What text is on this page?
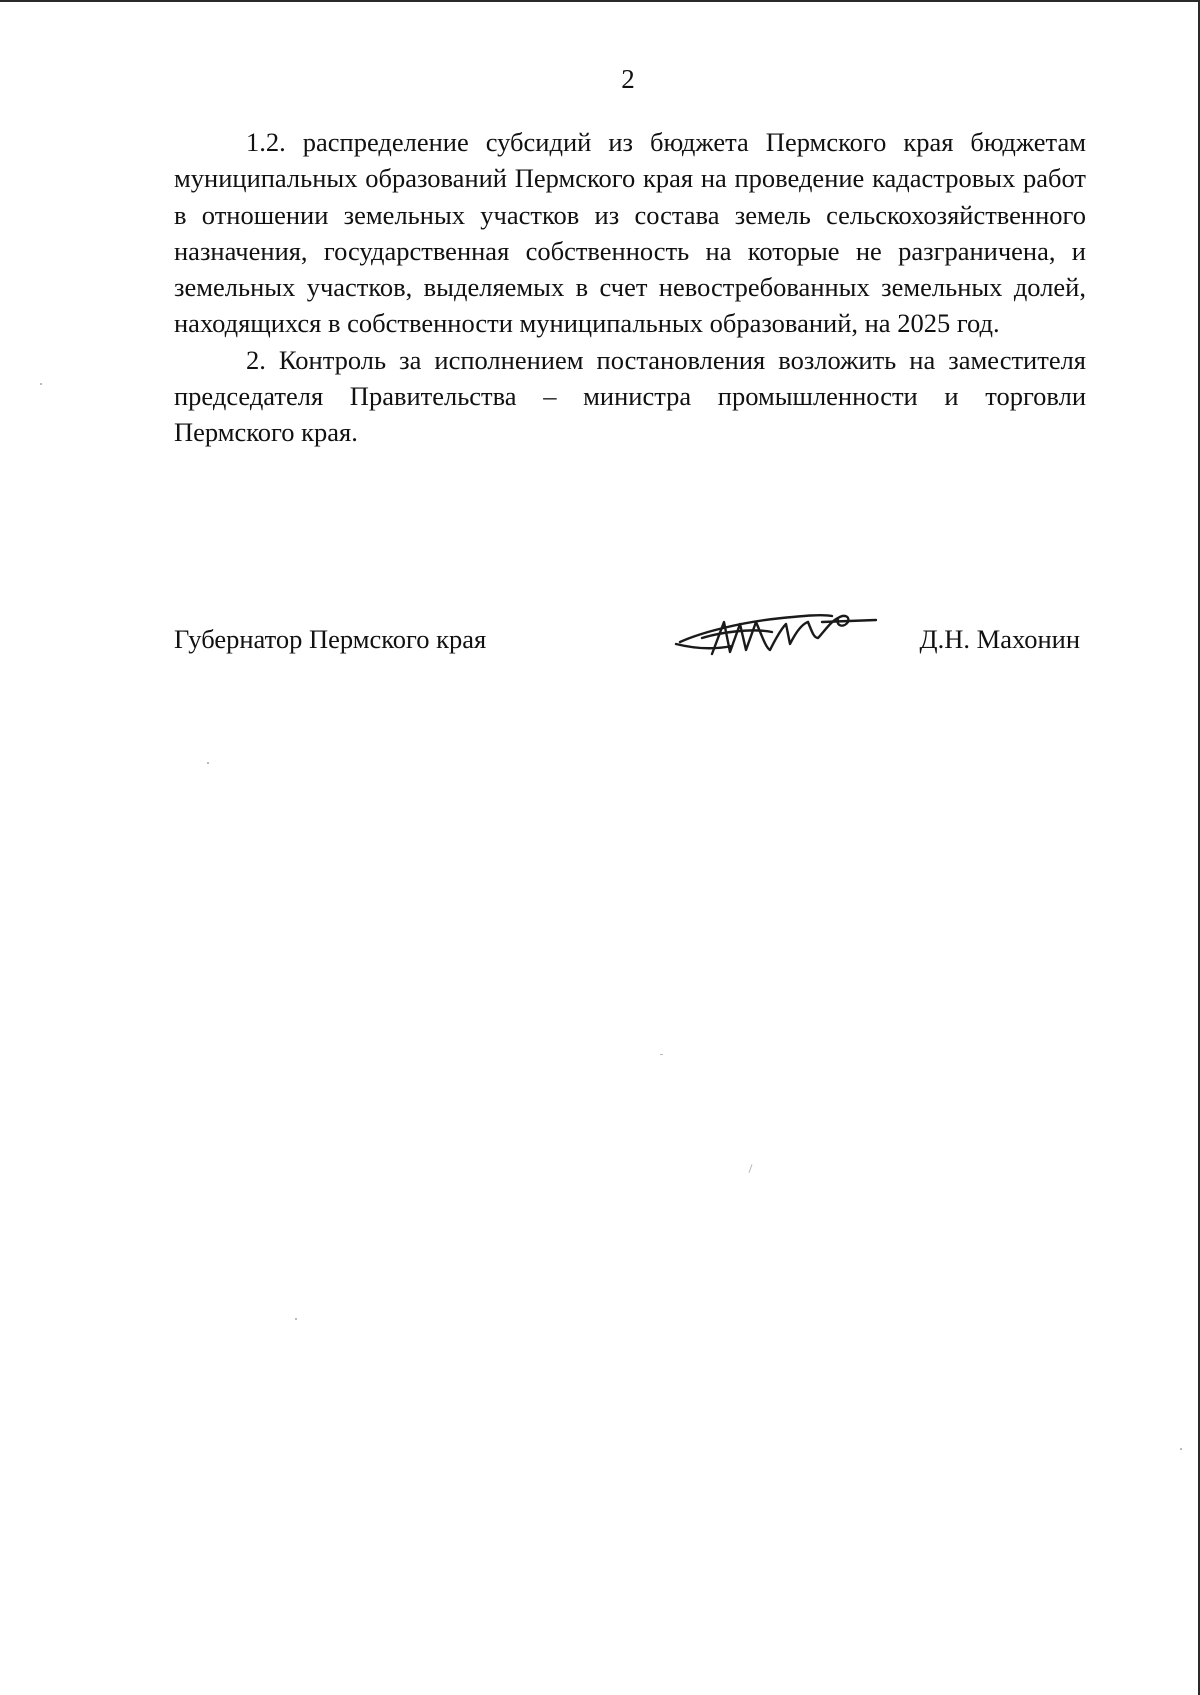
2

1.2. распределение субсидий из бюджета Пермского края бюджетам муниципальных образований Пермского края на проведение кадастровых работ в отношении земельных участков из состава земель сельскохозяйственного назначения, государственная собственность на которые не разграничена, и земельных участков, выделяемых в счет невостребованных земельных долей, находящихся в собственности муниципальных образований, на 2025 год.

2. Контроль за исполнением постановления возложить на заместителя председателя Правительства – министра промышленности и торговли Пермского края.

Губернатор Пермского края	Д.Н. Махонин
